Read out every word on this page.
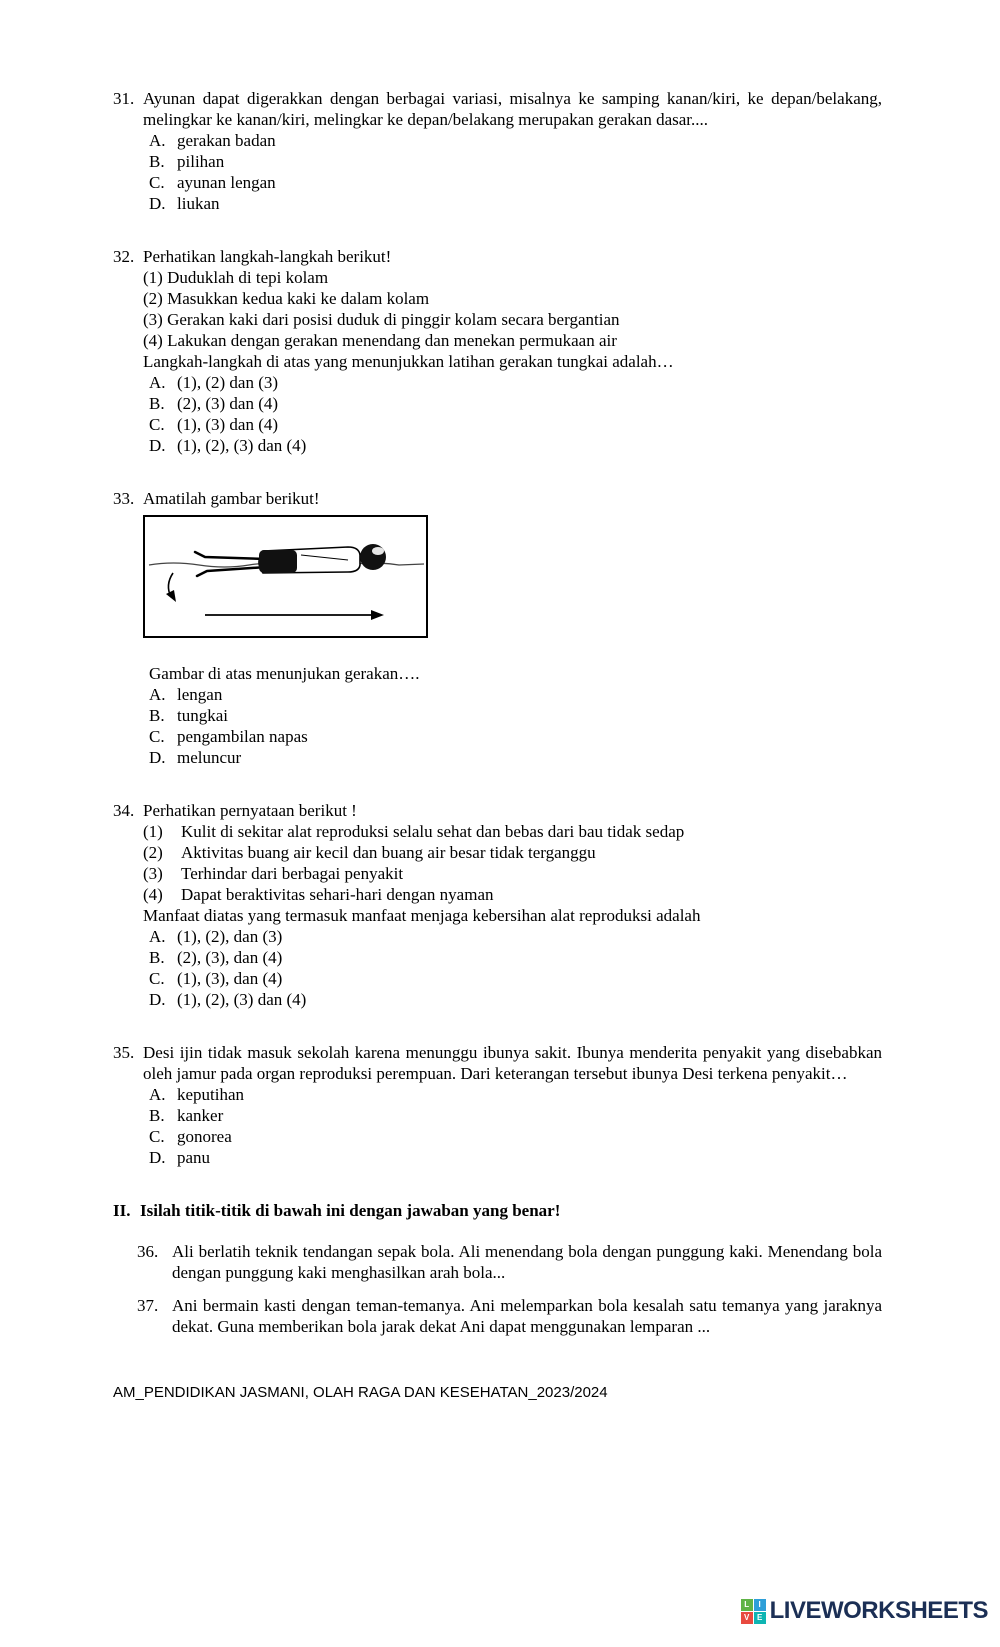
31. Ayunan dapat digerakkan dengan berbagai variasi, misalnya ke samping kanan/kiri, ke depan/belakang, melingkar ke kanan/kiri, melingkar ke depan/belakang merupakan gerakan dasar....

A. gerakan badan
B. pilihan
C. ayunan lengan
D. liukan
32. Perhatikan langkah-langkah berikut!

(1) Duduklah di tepi kolam
(2) Masukkan kedua kaki ke dalam kolam
(3) Gerakan kaki dari posisi duduk di pinggir kolam secara bergantian
(4) Lakukan dengan gerakan menendang dan menekan permukaan air

Langkah-langkah di atas yang menunjukkan latihan gerakan tungkai adalah…

A. (1), (2) dan (3)
B. (2), (3) dan (4)
C. (1), (3) dan (4)
D. (1), (2), (3) dan (4)
33. Amatilah gambar berikut!

Gambar di atas menunjukan gerakan….

A. lengan
B. tungkai
C. pengambilan napas
D. meluncur
34. Perhatikan pernyataan berikut !

(1)	Kulit di sekitar alat reproduksi selalu sehat dan bebas dari bau tidak sedap
(2)	Aktivitas buang air kecil dan buang air besar tidak terganggu
(3)	Terhindar dari berbagai penyakit
(4)	Dapat beraktivitas sehari-hari dengan nyaman

Manfaat diatas yang termasuk manfaat menjaga kebersihan alat reproduksi adalah

A. (1), (2), dan (3)
B. (2), (3), dan (4)
C. (1), (3), dan (4)
D. (1), (2), (3) dan (4)
35. Desi ijin tidak masuk sekolah karena menunggu ibunya sakit. Ibunya menderita penyakit yang disebabkan oleh jamur pada organ reproduksi perempuan. Dari keterangan tersebut ibunya Desi terkena penyakit…

A. keputihan
B. kanker
C. gonorea
D. panu
II. Isilah titik-titik di bawah ini dengan jawaban yang benar!
36. Ali berlatih teknik tendangan sepak bola. Ali menendang bola dengan punggung kaki. Menendang bola dengan punggung kaki menghasilkan arah bola...

37. Ani bermain kasti dengan teman-temanya. Ani melemparkan bola kesalah satu temanya yang jaraknya dekat. Guna memberikan bola jarak dekat Ani dapat menggunakan lemparan ...

AM_PENDIDIKAN JASMANI, OLAH RAGA DAN KESEHATAN_2023/2024
L	I
V E LIVEWORKSHEETS
